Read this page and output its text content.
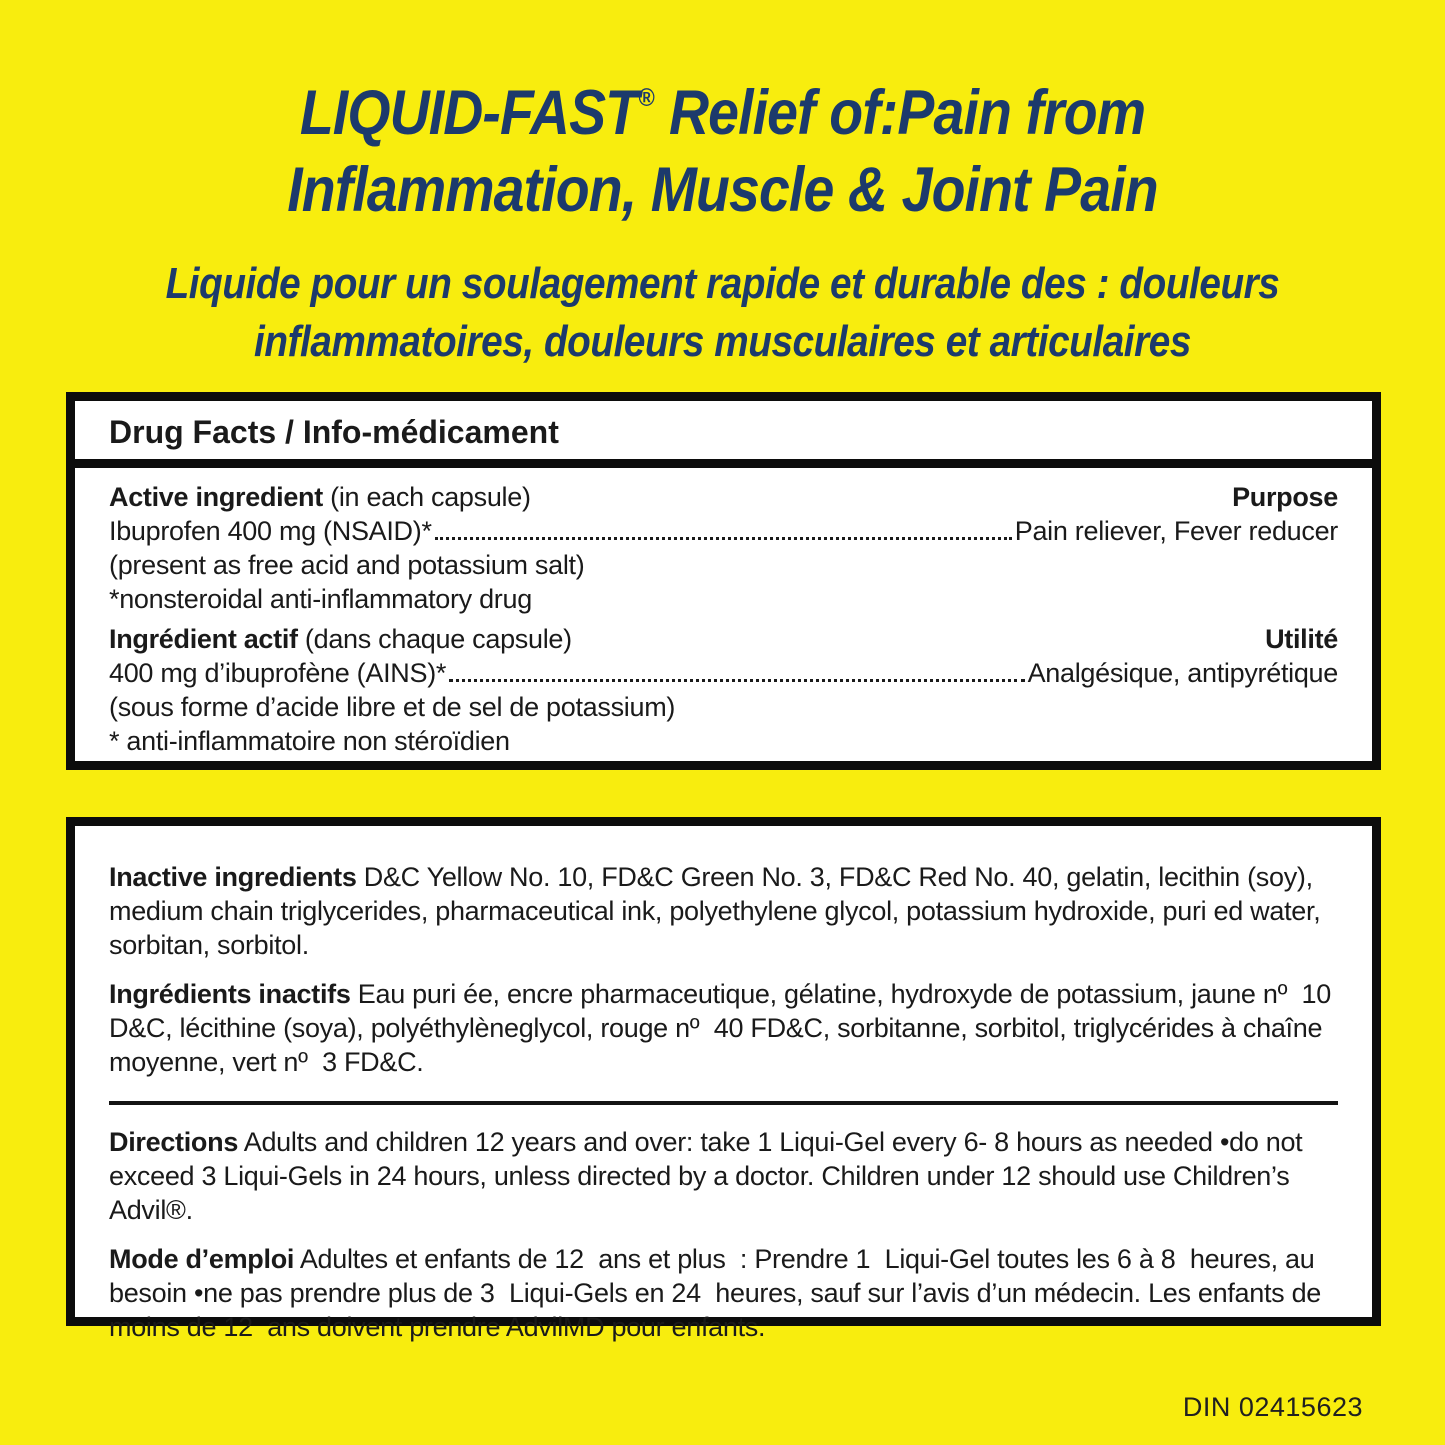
LIQUID-FAST® Relief of:Pain from
Inflammation, Muscle & Joint Pain
Liquide pour un soulagement rapide et durable des : douleurs
inflammatoires, douleurs musculaires et articulaires
Drug Facts / Info-médicament

Active ingredient (in each capsule)	Purpose

Ibuprofen 400 mg (NSAID)*	Pain reliever, Fever reducer

(present as free acid and potassium salt)

*nonsteroidal anti-inflammatory drug

Ingrédient actif (dans chaque capsule)	Utilité

400 mg d’ibuprofène (AINS)*	Analgésique, antipyrétique

(sous forme d’acide libre et de sel de potassium)

* anti-inflammatoire non stéroïdien

Inactive ingredients D&C Yellow No. 10, FD&C Green No. 3, FD&C Red No. 40, gelatin, lecithin (soy), medium chain triglycerides, pharmaceutical ink, polyethylene glycol, potassium hydroxide, puri ed water, sorbitan, sorbitol.

Ingrédients inactifs Eau puri ée, encre pharmaceutique, gélatine, hydroxyde de potassium, jaune nº  10 D&C, lécithine (soya), polyéthylèneglycol, rouge nº  40 FD&C, sorbitanne, sorbitol, triglycérides à chaîne moyenne, vert nº  3 FD&C.

Directions Adults and children 12 years and over: take 1 Liqui-Gel every 6- 8 hours as needed •do not exceed 3 Liqui-Gels in 24 hours, unless directed by a doctor. Children under 12 should use Children’s Advil®.

Mode d’emploi Adultes et enfants de 12  ans et plus  : Prendre 1  Liqui-Gel toutes les 6 à 8  heures, au besoin •ne pas prendre plus de 3  Liqui-Gels en 24  heures, sauf sur l’avis d’un médecin. Les enfants de moins de 12  ans doivent prendre AdvilMD pour enfants.

DIN 02415623
